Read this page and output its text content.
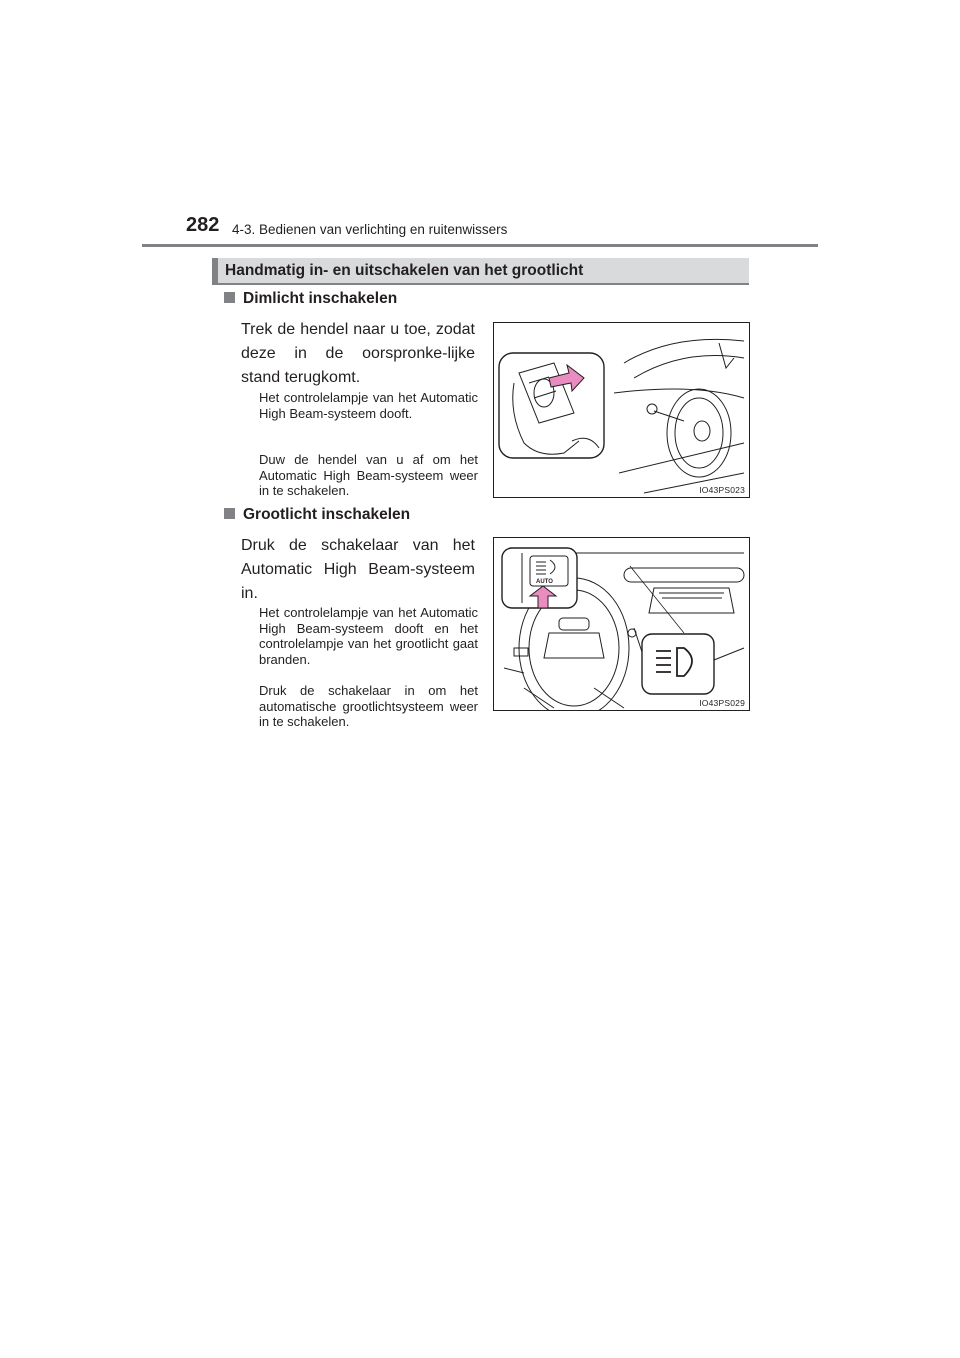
282 4-3. Bedienen van verlichting en ruitenwissers
Handmatig in- en uitschakelen van het grootlicht
Dimlicht inschakelen
Trek de hendel naar u toe, zodat deze in de oorspronke-lijke stand terugkomt.
Het controlelampje van het Automatic High Beam-systeem dooft.
Duw de hendel van u af om het Automatic High Beam-systeem weer in te schakelen.	IO43PS023
Grootlicht inschakelen
Druk de schakelaar van het Automatic High Beam-systeem in.
Het controlelampje van het Automatic High Beam-systeem dooft en het controlelampje van het grootlicht gaat branden.
Druk de schakelaar in om het automatische grootlichtsysteem weer in te schakelen.
AUTO
IO43PS029
